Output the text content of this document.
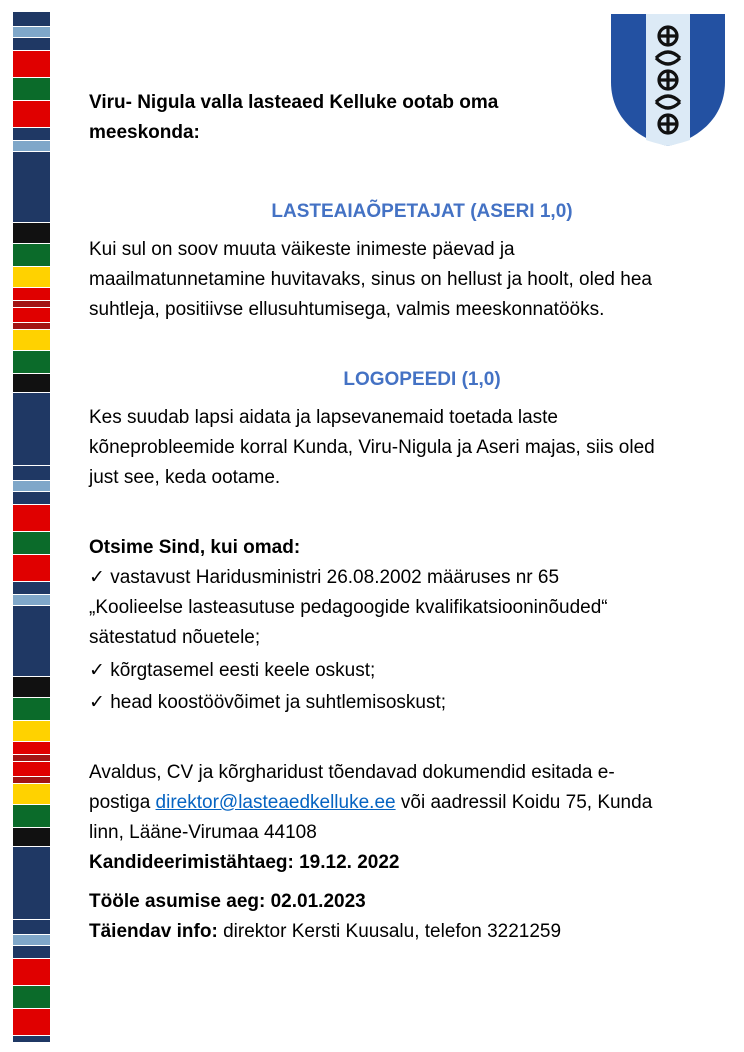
Viru- Nigula valla lasteaed Kelluke ootab oma meeskonda:
LASTEAIAÕPETAJAT (ASERI 1,0)
Kui sul on soov muuta väikeste inimeste päevad ja maailmatunnetamine huvitavaks, sinus on hellust ja hoolt, oled hea suhtleja, positiivse ellusuhtumisega, valmis meeskonnatööks.
LOGOPEEDI (1,0)
Kes suudab lapsi aidata ja lapsevanemaid toetada laste kõneprobleemide korral Kunda, Viru-Nigula ja Aseri majas, siis oled just see, keda ootame.
Otsime Sind, kui omad:
✓ vastavust Haridusministri 26.08.2002 määruses nr 65 „Koolieelse lasteasutuse pedagoogide kvalifikatsiooninõuded“ sätestatud nõuetele;
✓ kõrgtasemel eesti keele oskust;
✓ head koostöövõimet ja suhtlemisoskust;
Avaldus, CV ja kõrgharidust tõendavad dokumendid esitada e-postiga direktor@lasteaedkelluke.ee või aadressil Koidu 75, Kunda linn, Lääne-Virumaa 44108
Kandideerimistähtaeg: 19.12. 2022
Tööle asumise aeg: 02.01.2023
Täiendav info: direktor Kersti Kuusalu, telefon 3221259
